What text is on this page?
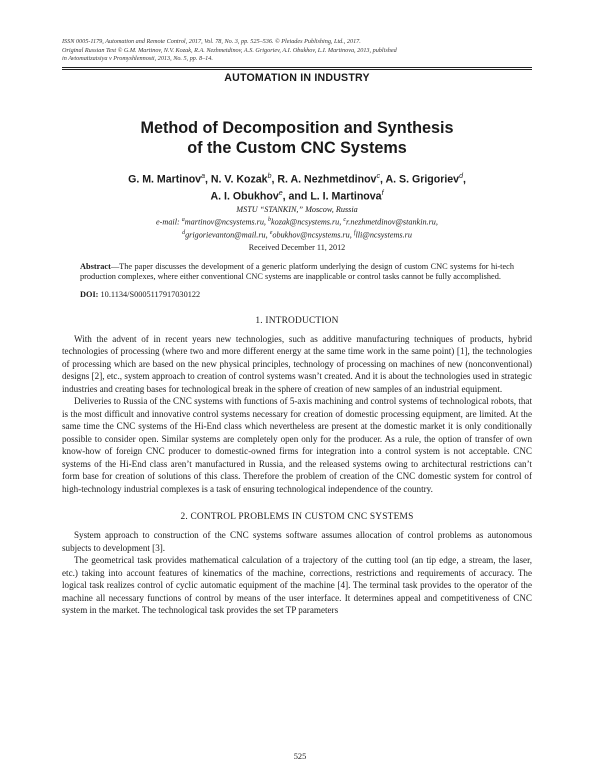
ISSN 0005-1179, Automation and Remote Control, 2017, Vol. 78, No. 3, pp. 525–536. © Pleiades Publishing, Ltd., 2017.

Original Russian Text © G.M. Martinov, N.V. Kozak, R.A. Nezhmetdinov, A.S. Grigoriev, A.I. Obukhov, L.I. Martinova, 2013, published

in Avtomatizatsiya v Promyshlennosti, 2013, No. 5, pp. 8–14.

AUTOMATION IN INDUSTRY
Method of Decomposition and Synthesis
of the Custom CNC Systems
G. M. Martinov$^a$, N. V. Kozak$^b$, R. A. Nezhmetdinov$^c$, A. S. Grigoriev$^d$,
A. I. Obukhov$^e$, and L. I. Martinova$^f$
MSTU “STANKIN,” Moscow, Russia
e-mail: $^a$martinov@ncsystems.ru, $^b$kozak@ncsystems.ru, $^c$r.nezhmetdinov@stankin.ru,
$^d$grigorievanton@mail.ru, $^e$obukhov@ncsystems.ru, $^f$lli@ncsystems.ru
Received December 11, 2012
Abstract—The paper discusses the development of a generic platform underlying the design of custom CNC systems for hi-tech production complexes, where either conventional CNC systems are inapplicable or control tasks cannot be fully accomplished.
DOI: 10.1134/S0005117917030122
1. INTRODUCTION

With the advent of in recent years new technologies, such as additive manufacturing techniques of products, hybrid technologies of processing (where two and more different energy at the same time work in the same point) [1], the technologies of processing which are based on the new physical principles, technology of processing on machines of new (nonconventional) designs [2], etc., system approach to creation of control systems wasn’t created. And it is about the technologies used in strategic industries and creating bases for technological break in the sphere of creation of new samples of an industrial equipment.

Deliveries to Russia of the CNC systems with functions of 5-axis machining and control systems of technological robots, that is the most difficult and innovative control systems necessary for creation of domestic processing equipment, are limited. At the same time the CNC systems of the Hi-End class which nevertheless are present at the domestic market it is only conditionally possible to consider open. Similar systems are completely open only for the producer. As a rule, the option of transfer of own know-how of foreign CNC producer to domestic-owned firms for integration into a control system is not acceptable. CNC systems of the Hi-End class aren’t manufactured in Russia, and the released systems owing to architectural restrictions can’t form base for creation of solutions of this class. Therefore the problem of creation of the CNC domestic system for control of high-technology industrial complexes is a task of ensuring technological independence of the country.

2. CONTROL PROBLEMS IN CUSTOM CNC SYSTEMS

System approach to construction of the CNC systems software assumes allocation of control problems as autonomous subjects to development [3].

The geometrical task provides mathematical calculation of a trajectory of the cutting tool (an tip edge, a stream, the laser, etc.) taking into account features of kinematics of the machine, corrections, restrictions and requirements of accuracy. The logical task realizes control of cyclic automatic equipment of the machine [4]. The terminal task provides to the operator of the machine all necessary functions of control by means of the user interface. It determines appeal and competitiveness of CNC system in the market. The technological task provides the set TP parameters

525
